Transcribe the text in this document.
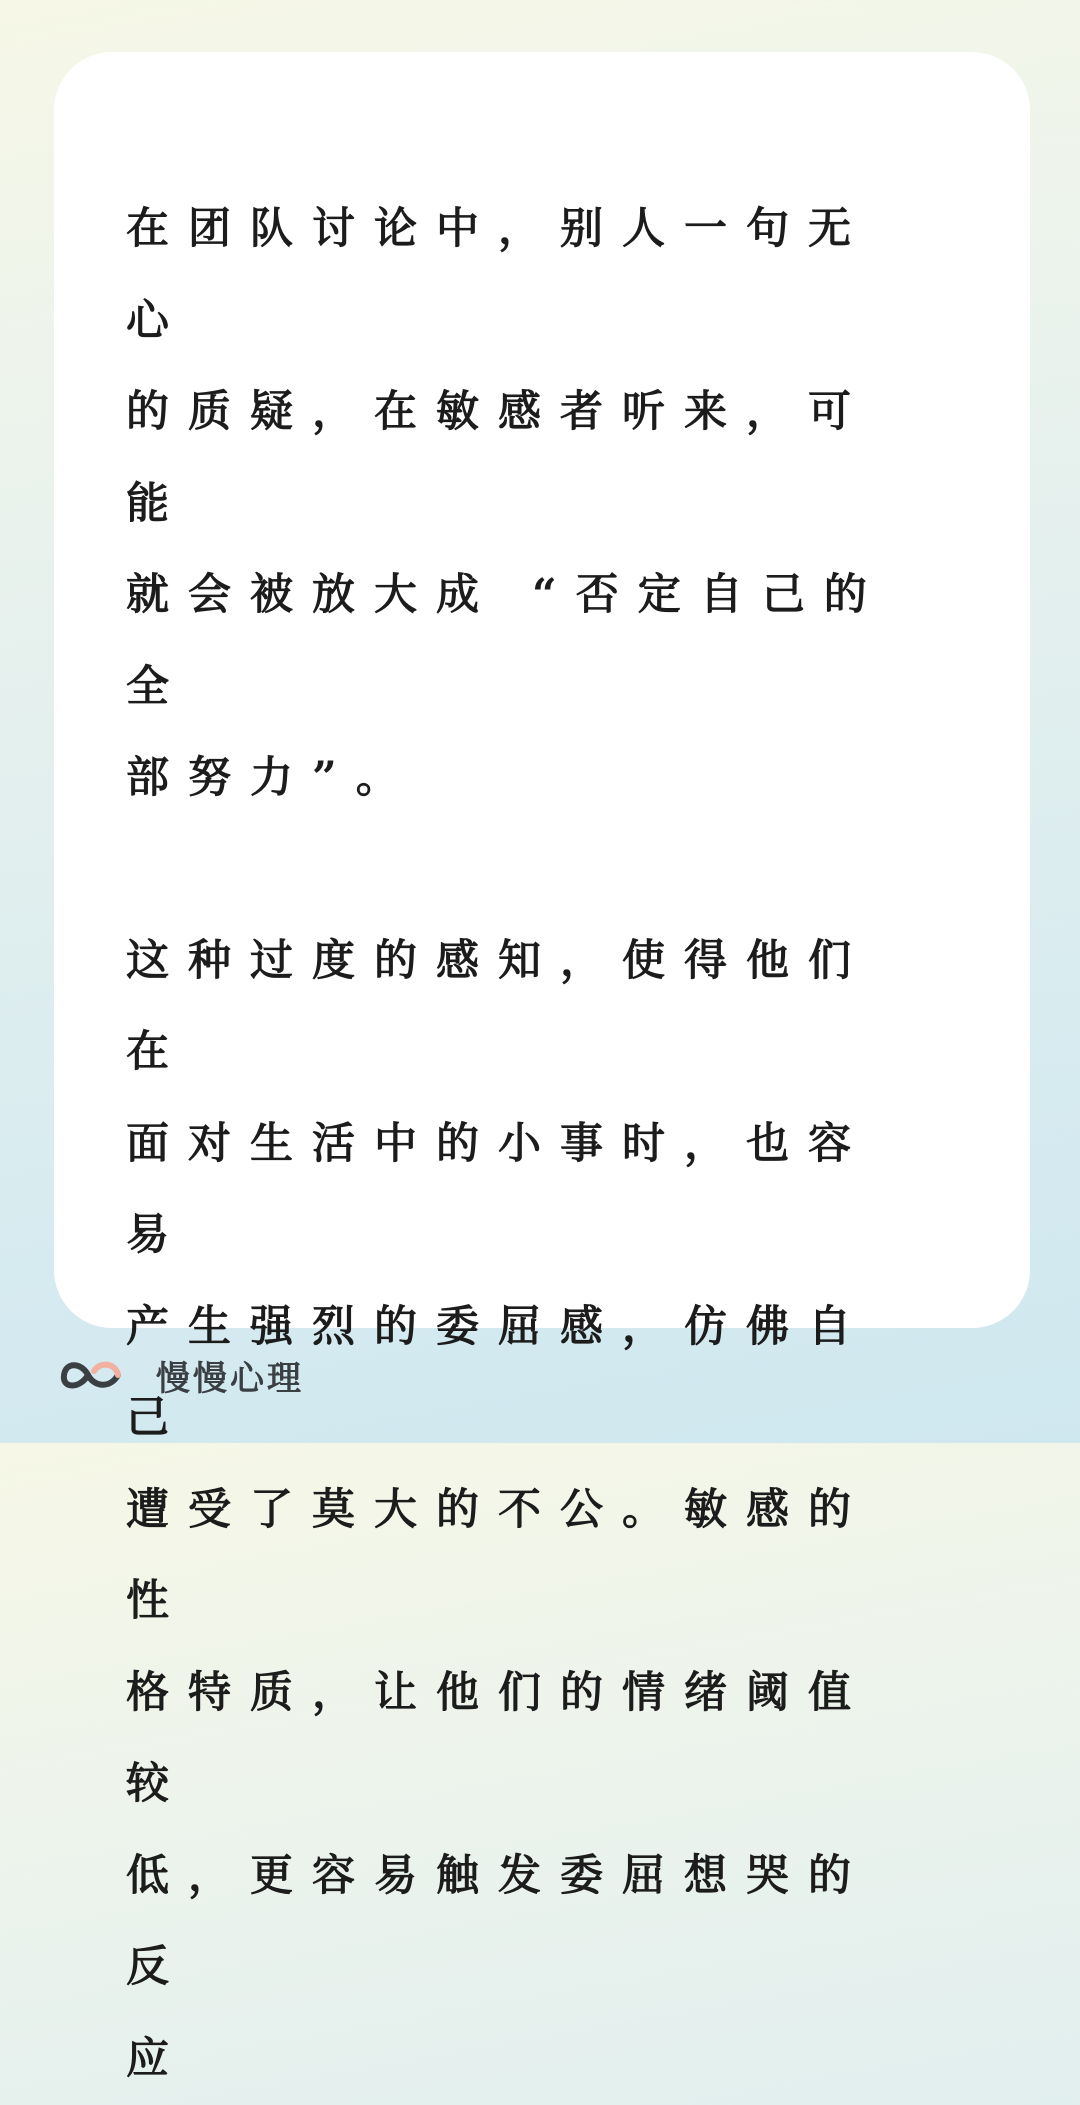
在团队讨论中，别人一句无心
的质疑，在敏感者听来，可能
就会被放大成 “否定自己的全
部努力”。

这种过度的感知，使得他们在
面对生活中的小事时，也容易
产生强烈的委屈感，仿佛自己
遭受了莫大的不公。敏感的性
格特质，让他们的情绪阈值较
低，更容易触发委屈想哭的反
应

慢慢心理
